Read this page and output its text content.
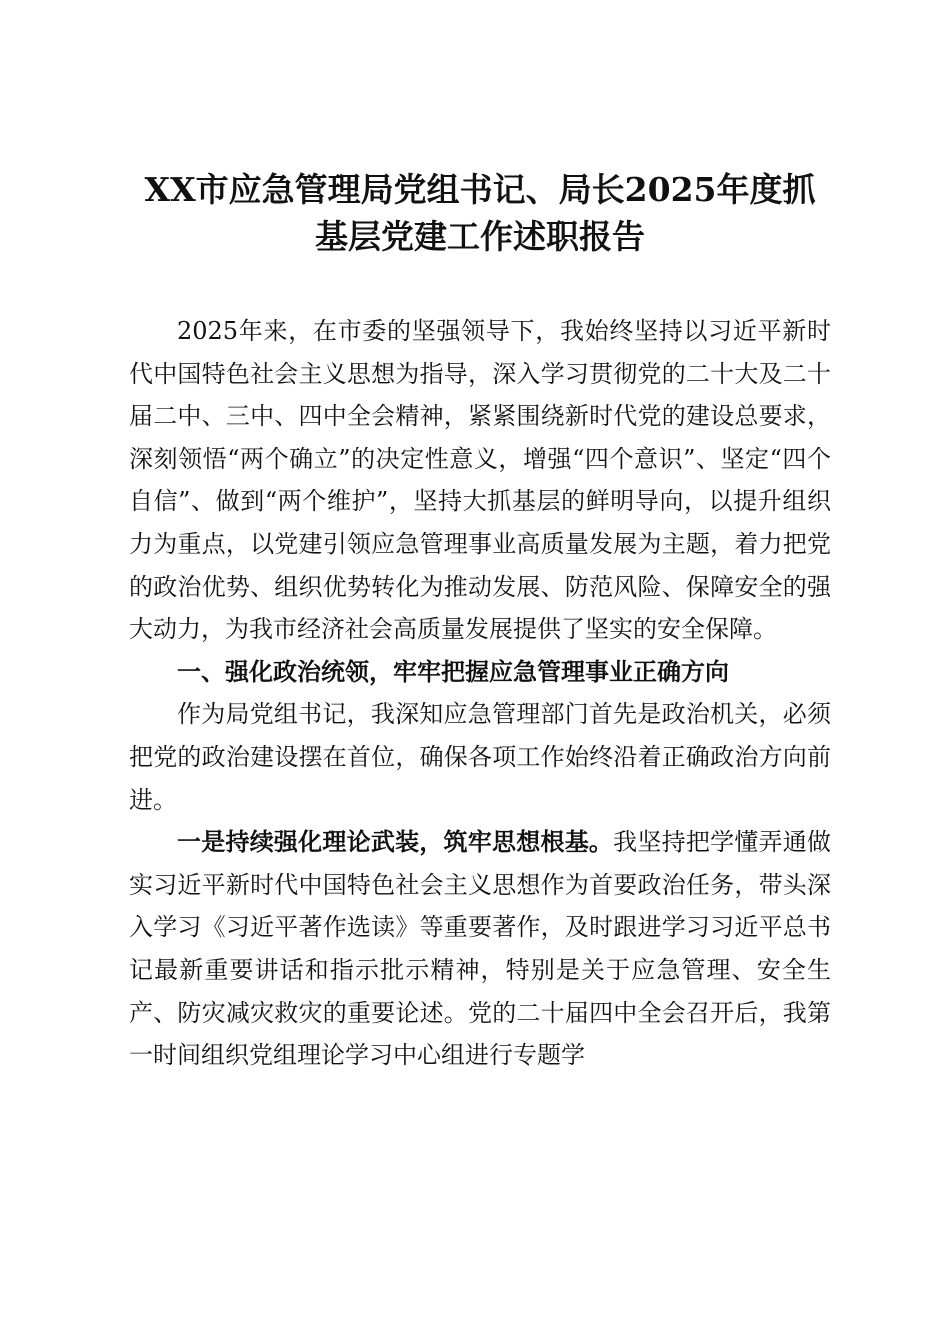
XX市应急管理局党组书记、局长2025年度抓
基层党建工作述职报告

2025年来，在市委的坚强领导下，我始终坚持以习近平新时代中国特色社会主义思想为指导，深入学习贯彻党的二十大及二十届二中、三中、四中全会精神，紧紧围绕新时代党的建设总要求，深刻领悟“两个确立”的决定性意义，增强“四个意识”、坚定“四个自信”、做到“两个维护”，坚持大抓基层的鲜明导向，以提升组织力为重点，以党建引领应急管理事业高质量发展为主题，着力把党的政治优势、组织优势转化为推动发展、防范风险、保障安全的强大动力，为我市经济社会高质量发展提供了坚实的安全保障。

一、强化政治统领，牢牢把握应急管理事业正确方向

作为局党组书记，我深知应急管理部门首先是政治机关，必须把党的政治建设摆在首位，确保各项工作始终沿着正确政治方向前进。

一是持续强化理论武装，筑牢思想根基。我坚持把学懂弄通做实习近平新时代中国特色社会主义思想作为首要政治任务，带头深入学习《习近平著作选读》等重要著作，及时跟进学习习近平总书记最新重要讲话和指示批示精神，特别是关于应急管理、安全生产、防灾减灾救灾的重要论述。党的二十届四中全会召开后，我第一时间组织党组理论学习中心组进行专题学
